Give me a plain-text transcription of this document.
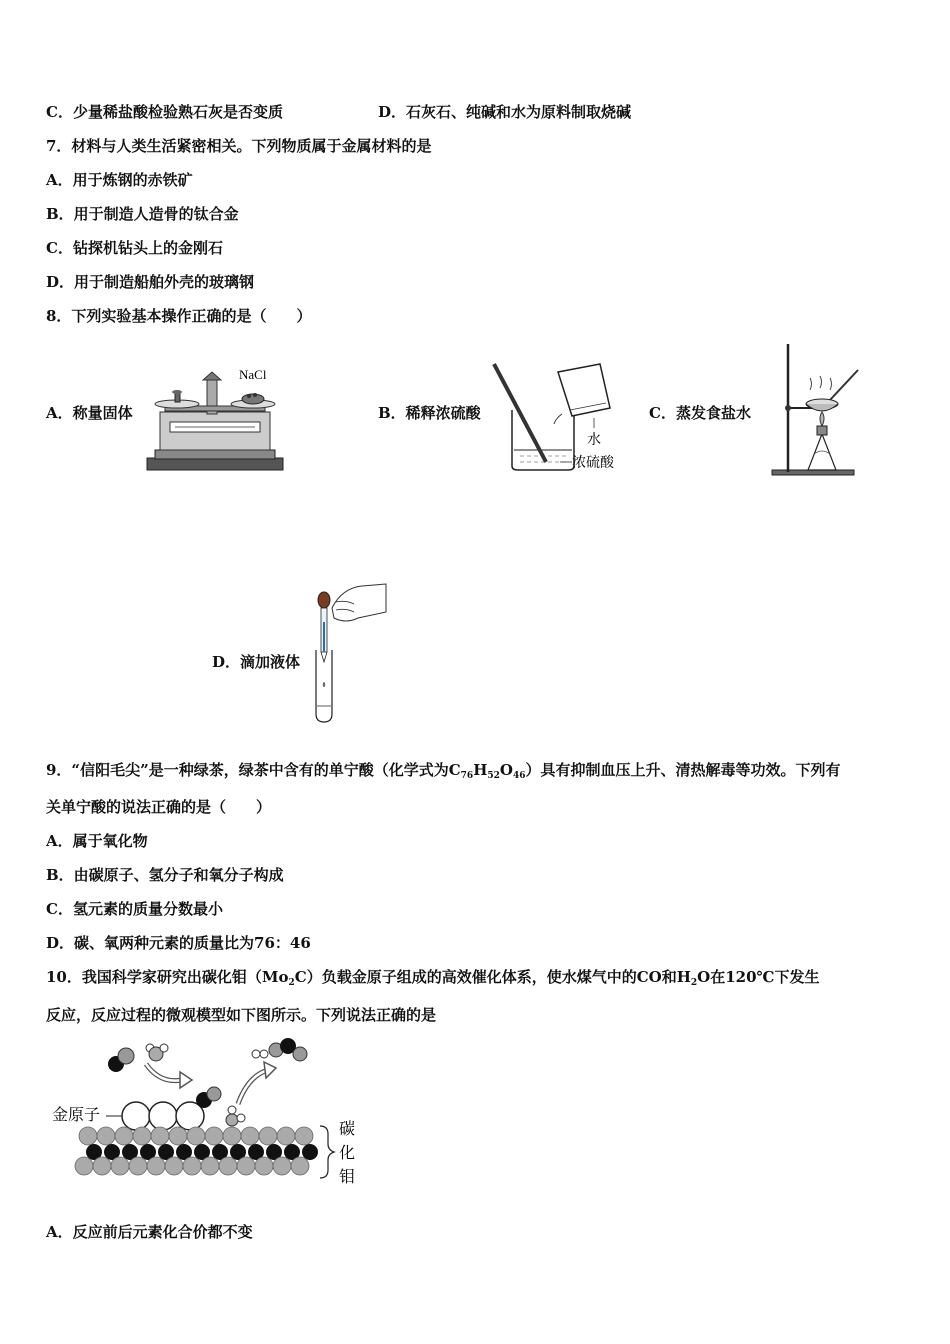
C．少量稀盐酸检验熟石灰是否变质	D．石灰石、纯碱和水为原料制取烧碱
7．材料与人类生活紧密相关。下列物质属于金属材料的是
A．用于炼钢的赤铁矿
B．用于制造人造骨的钛合金
C．钻探机钻头上的金刚石
D．用于制造船舶外壳的玻璃钢
8．下列实验基本操作正确的是（　　）
A．称量固体	B．稀释浓硫酸	C．蒸发食盐水
D．滴加液体
NaCl
水
浓硫酸
9．“信阳毛尖”是一种绿茶，绿茶中含有的单宁酸（化学式为$C_{76}H_{52}O_{46}$）具有抑制血压上升、清热解毒等功效。下列有
关单宁酸的说法正确的是（　　）
A．属于氧化物
B．由碳原子、氢分子和氧分子构成
C．氢元素的质量分数最小
D．碳、氧两种元素的质量比为76：46
10．我国科学家研究出碳化钼$(Mo_2C)$负载金原子组成的高效催化体系，使水煤气中的CO和$H_2O$在120℃下发生
反应，反应过程的微观模型如下图所示。下列说法正确的是
金原子
碳
化
钼
A．反应前后元素化合价都不变
